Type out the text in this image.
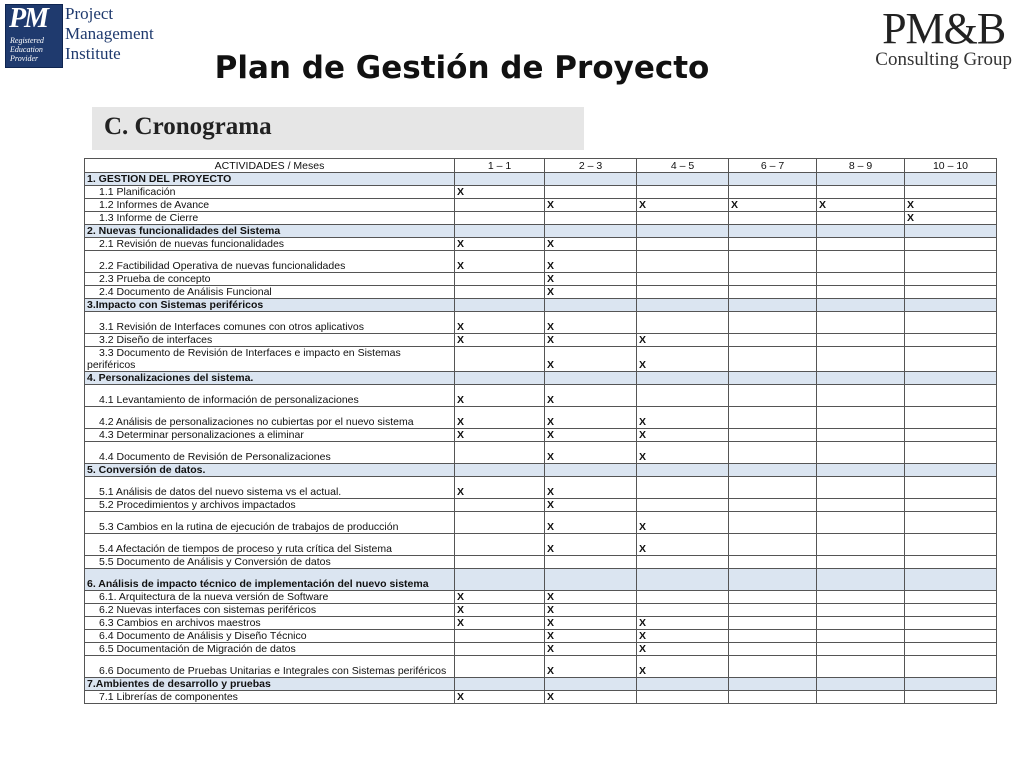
PM
Registered
Education
Provider
Project
Management
Institute
PM&B
Consulting Group
Plan de Gestión de Proyecto
C. Cronograma
ACTIVIDADES / Meses	1 – 1	2 – 3	4 – 5	6 – 7	8 – 9	10 – 10
1. GESTION DEL PROYECTO						
1.1 Planificación	X					
1.2 Informes de Avance		X	X	X	X	X
1.3 Informe de Cierre						X
2. Nuevas funcionalidades del Sistema						
2.1 Revisión de nuevas funcionalidades	X	X				
2.2 Factibilidad Operativa de nuevas funcionalidades	X	X				
2.3 Prueba de concepto		X				
2.4 Documento de Análisis Funcional		X				
3.Impacto con Sistemas periféricos						
3.1 Revisión de Interfaces comunes con otros aplicativos	X	X				
3.2 Diseño de interfaces	X	X	X			
3.3 Documento de Revisión de Interfaces e impacto en Sistemas periféricos		X	X			
4. Personalizaciones del sistema.						
4.1 Levantamiento de información de personalizaciones	X	X				
4.2 Análisis de personalizaciones no cubiertas por el nuevo sistema	X	X	X			
4.3 Determinar personalizaciones a eliminar	X	X	X			
4.4 Documento de Revisión de Personalizaciones		X	X			
5. Conversión de datos.						
5.1 Análisis de datos del nuevo sistema vs el actual.	X	X				
5.2 Procedimientos y archivos impactados		X				
5.3 Cambios en la rutina de ejecución de trabajos de producción		X	X			
5.4 Afectación de tiempos de proceso y ruta crítica del Sistema		X	X			
5.5 Documento de Análisis y Conversión de datos						
6. Análisis de impacto técnico de implementación del nuevo sistema						
6.1. Arquitectura de la nueva versión de Software	X	X				
6.2 Nuevas interfaces con sistemas periféricos	X	X				
6.3 Cambios en archivos maestros	X	X	X			
6.4 Documento de Análisis y Diseño Técnico		X	X			
6.5 Documentación de Migración de datos		X	X			
6.6 Documento de Pruebas Unitarias e Integrales con Sistemas periféricos		X	X			
7.Ambientes de desarrollo y pruebas						
7.1 Librerías de componentes	X	X				
